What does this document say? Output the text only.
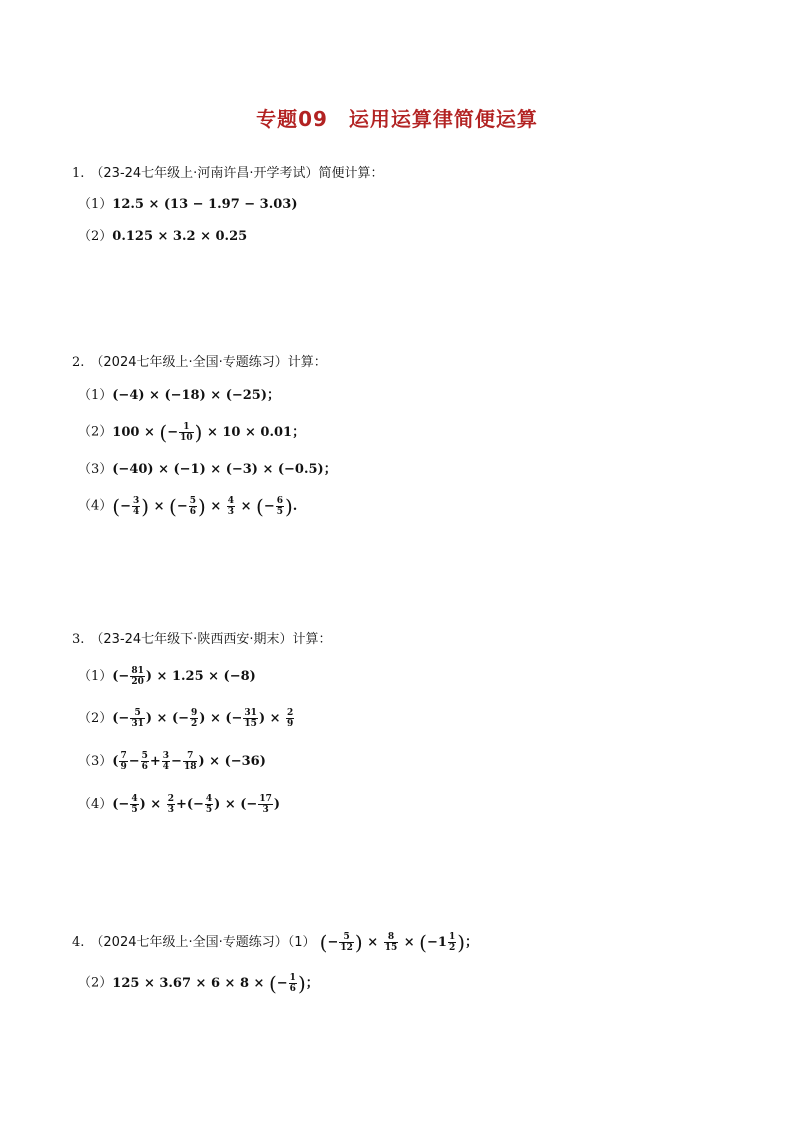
专题09　运用运算律简便运算
1. （23-24七年级上·河南许昌·开学考试）简便计算：
（1）12.5 × (13 − 1.97 − 3.03)
（2）0.125 × 3.2 × 0.25
2. （2024七年级上·全国·专题练习）计算：
（1）(−4) × (−18) × (−25)；
（2）100 × (− $\frac{1}{10}$ ) × 10 × 0.01；
（3）(−40) × (−1) × (−3) × (−0.5)；
$(4)(- \frac{3}{4}$ ) × (− $\frac{5}{6}$ ) × $\frac{4}{3}$ × (− $\frac{6}{5}$ ).
3. （23-24七年级下·陕西西安·期末）计算：
$(1)(- \frac{81}{20}$ ) × 1.25 × (−8)
$(2)(- \frac{5}{31}$ ) × (− $\frac{9}{2}$ ) × (− $\frac{31}{15}$ ) × $\frac{2}{9}$
$(3)( \frac{7}{9} - \frac{5}{6} + \frac{3}{4} - \frac{7}{18}$ ) × (−36)
$(4)(- \frac{4}{5}$ ) × $\frac{2}{3}$ +(− $\frac{4}{5}$ ) × (− $\frac{17}{3}$ )
4. （2024七年级上·全国·专题练习）（1） (− $\frac{5}{12}$ ) × $\frac{8}{15} \times (-1 \frac{1}{2}$ )；
（2）125 × 3.67 × 6 × 8 × (− $\frac{1}{6}$ )；
